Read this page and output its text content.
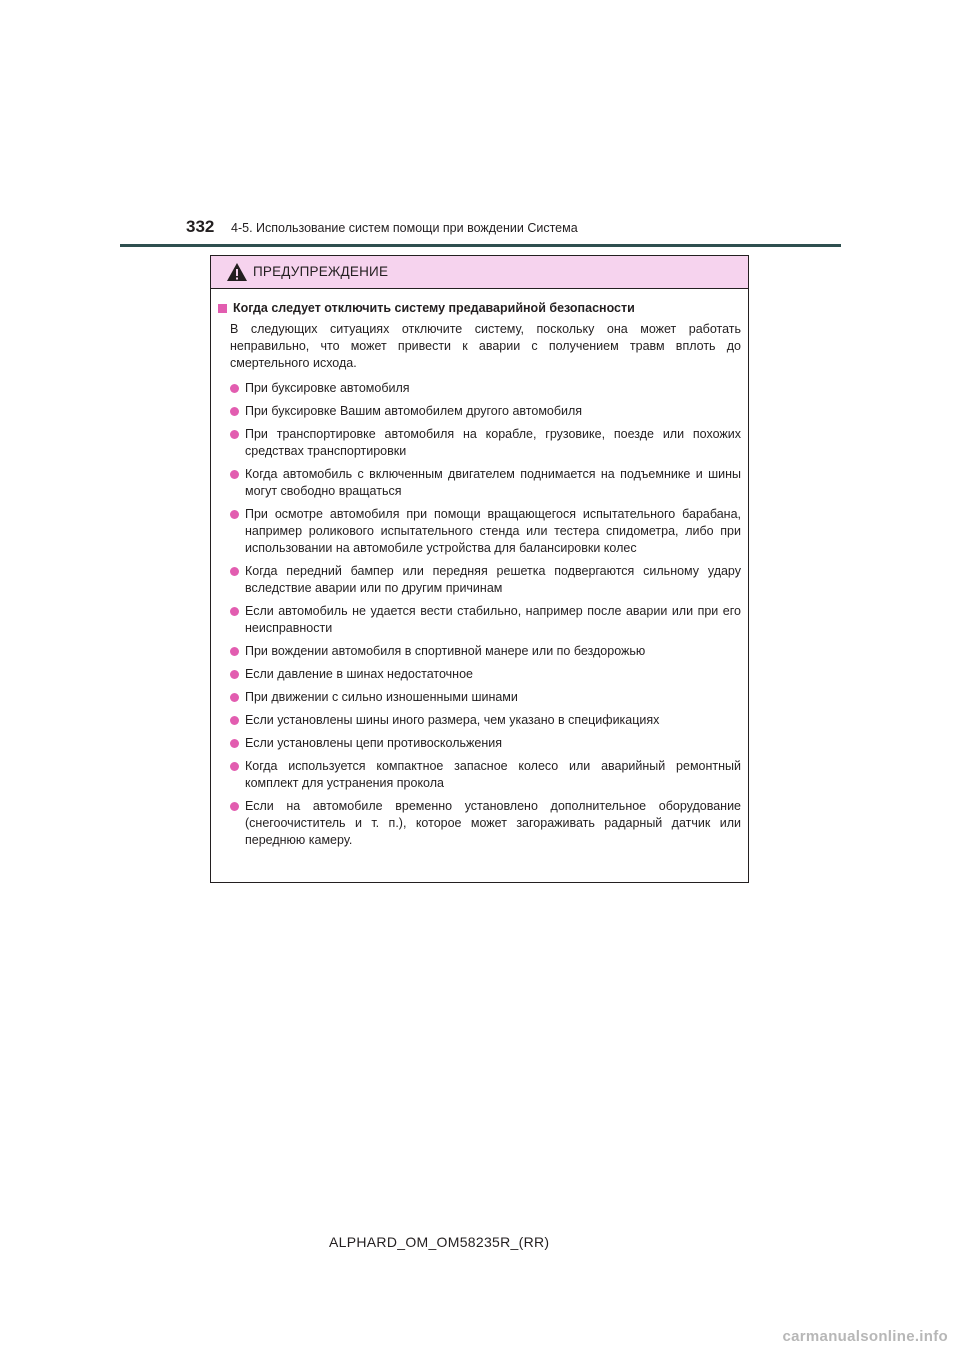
332 4-5. Использование систем помощи при вождении Система
ПРЕДУПРЕЖДЕНИЕ
Когда следует отключить систему предаварийной безопасности
В следующих ситуациях отключите систему, поскольку она может работать неправильно, что может привести к аварии с получением травм вплоть до смертельного исхода.
При буксировке автомобиля
При буксировке Вашим автомобилем другого автомобиля
При транспортировке автомобиля на корабле, грузовике, поезде или похожих средствах транспортировки
Когда автомобиль с включенным двигателем поднимается на подъемнике и шины могут свободно вращаться
При осмотре автомобиля при помощи вращающегося испытательного барабана, например роликового испытательного стенда или тестера спидометра, либо при использовании на автомобиле устройства для балансировки колес
Когда передний бампер или передняя решетка подвергаются сильному удару вследствие аварии или по другим причинам
Если автомобиль не удается вести стабильно, например после аварии или при его неисправности
При вождении автомобиля в спортивной манере или по бездорожью
Если давление в шинах недостаточное
При движении с сильно изношенными шинами
Если установлены шины иного размера, чем указано в спецификациях
Если установлены цепи противоскольжения
Когда используется компактное запасное колесо или аварийный ремонтный комплект для устранения прокола
Если на автомобиле временно установлено дополнительное оборудование (снегоочиститель и т. п.), которое может загораживать радарный датчик или переднюю камеру.
ALPHARD_OM_OM58235R_(RR)
carmanualsonline.info
